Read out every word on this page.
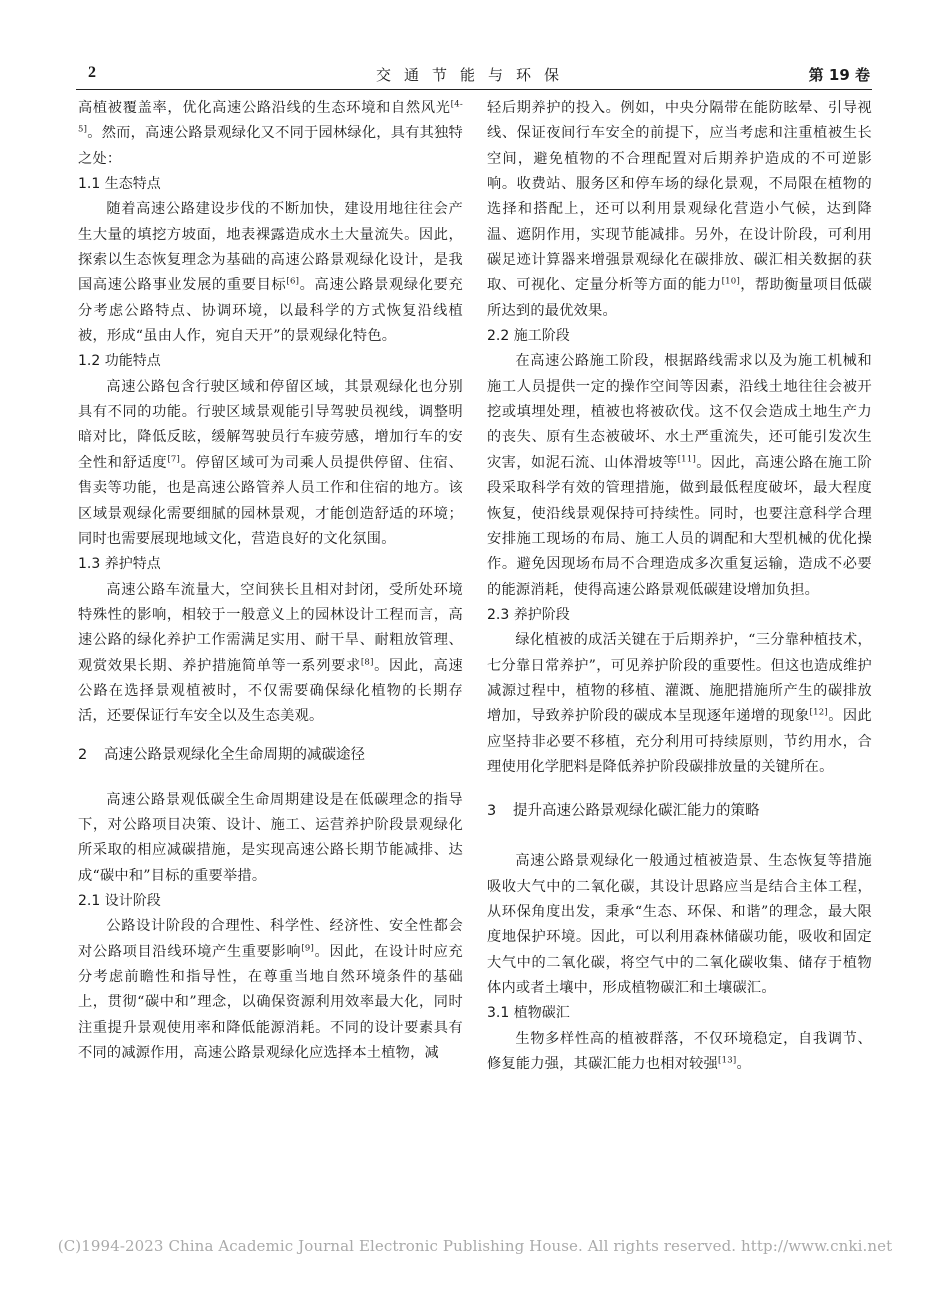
2	交通节能与环保	第 19 卷

高植被覆盖率，优化高速公路沿线的生态环境和自然风光[4-5]。然而，高速公路景观绿化又不同于园林绿化，具有其独特之处：

1.1 生态特点

随着高速公路建设步伐的不断加快，建设用地往往会产生大量的填挖方坡面，地表裸露造成水土大量流失。因此，探索以生态恢复理念为基础的高速公路景观绿化设计，是我国高速公路事业发展的重要目标[6]。高速公路景观绿化要充分考虑公路特点、协调环境，以最科学的方式恢复沿线植被，形成“虽由人作，宛自天开”的景观绿化特色。

1.2 功能特点

高速公路包含行驶区域和停留区域，其景观绿化也分别具有不同的功能。行驶区域景观能引导驾驶员视线，调整明暗对比，降低反眩，缓解驾驶员行车疲劳感，增加行车的安全性和舒适度[7]。停留区域可为司乘人员提供停留、住宿、售卖等功能，也是高速公路管养人员工作和住宿的地方。该区域景观绿化需要细腻的园林景观，才能创造舒适的环境；同时也需要展现地域文化，营造良好的文化氛围。

1.3 养护特点

高速公路车流量大，空间狭长且相对封闭，受所处环境特殊性的影响，相较于一般意义上的园林设计工程而言，高速公路的绿化养护工作需满足实用、耐干旱、耐粗放管理、观赏效果长期、养护措施简单等一系列要求[8]。因此，高速公路在选择景观植被时，不仅需要确保绿化植物的长期存活，还要保证行车安全以及生态美观。

2 高速公路景观绿化全生命周期的减碳途径

高速公路景观低碳全生命周期建设是在低碳理念的指导下，对公路项目决策、设计、施工、运营养护阶段景观绿化所采取的相应减碳措施，是实现高速公路长期节能减排、达成“碳中和”目标的重要举措。

2.1 设计阶段

公路设计阶段的合理性、科学性、经济性、安全性都会对公路项目沿线环境产生重要影响[9]。因此，在设计时应充分考虑前瞻性和指导性，在尊重当地自然环境条件的基础上，贯彻“碳中和”理念，以确保资源利用效率最大化，同时注重提升景观使用率和降低能源消耗。不同的设计要素具有不同的减源作用，高速公路景观绿化应选择本土植物，减

轻后期养护的投入。例如，中央分隔带在能防眩晕、引导视线、保证夜间行车安全的前提下，应当考虑和注重植被生长空间，避免植物的不合理配置对后期养护造成的不可逆影响。收费站、服务区和停车场的绿化景观，不局限在植物的选择和搭配上，还可以利用景观绿化营造小气候，达到降温、遮阴作用，实现节能减排。另外，在设计阶段，可利用碳足迹计算器来增强景观绿化在碳排放、碳汇相关数据的获取、可视化、定量分析等方面的能力[10]，帮助衡量项目低碳所达到的最优效果。

2.2 施工阶段

在高速公路施工阶段，根据路线需求以及为施工机械和施工人员提供一定的操作空间等因素，沿线土地往往会被开挖或填埋处理，植被也将被砍伐。这不仅会造成土地生产力的丧失、原有生态被破坏、水土严重流失，还可能引发次生灾害，如泥石流、山体滑坡等[11]。因此，高速公路在施工阶段采取科学有效的管理措施，做到最低程度破坏，最大程度恢复，使沿线景观保持可持续性。同时，也要注意科学合理安排施工现场的布局、施工人员的调配和大型机械的优化操作。避免因现场布局不合理造成多次重复运输，造成不必要的能源消耗，使得高速公路景观低碳建设增加负担。

2.3 养护阶段

绿化植被的成活关键在于后期养护，“三分靠种植技术，七分靠日常养护”，可见养护阶段的重要性。但这也造成维护减源过程中，植物的移植、灌溉、施肥措施所产生的碳排放增加，导致养护阶段的碳成本呈现逐年递增的现象[12]。因此应坚持非必要不移植，充分利用可持续原则，节约用水，合理使用化学肥料是降低养护阶段碳排放量的关键所在。

3 提升高速公路景观绿化碳汇能力的策略

高速公路景观绿化一般通过植被造景、生态恢复等措施吸收大气中的二氧化碳，其设计思路应当是结合主体工程，从环保角度出发，秉承“生态、环保、和谐”的理念，最大限度地保护环境。因此，可以利用森林储碳功能，吸收和固定大气中的二氧化碳，将空气中的二氧化碳收集、储存于植物体内或者土壤中，形成植物碳汇和土壤碳汇。

3.1 植物碳汇

生物多样性高的植被群落，不仅环境稳定，自我调节、修复能力强，其碳汇能力也相对较强[13]。

(C)1994-2023 China Academic Journal Electronic Publishing House. All rights reserved. http://www.cnki.net
